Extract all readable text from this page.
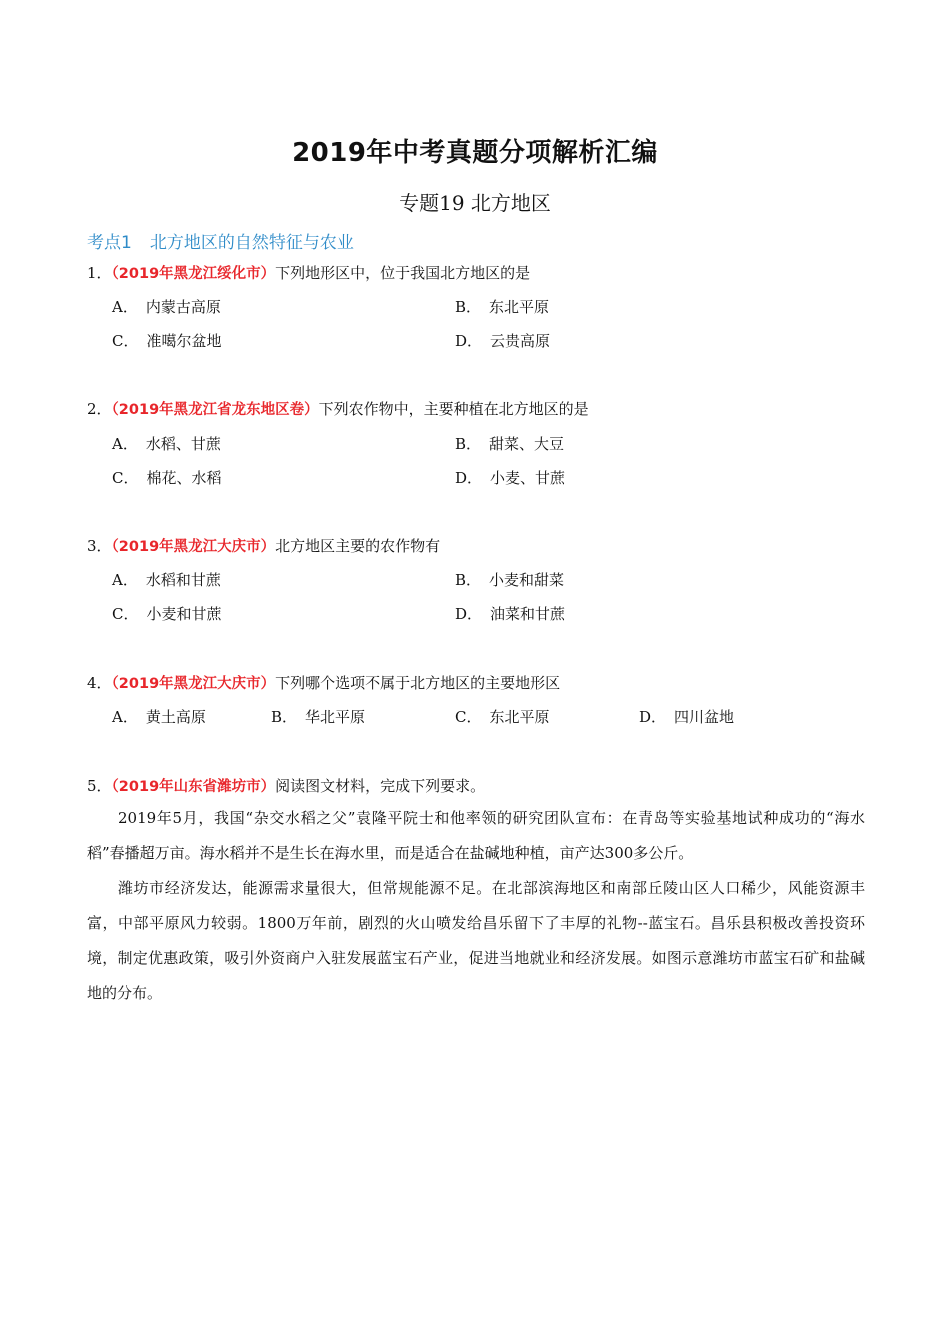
2019年中考真题分项解析汇编
专题19 北方地区
考点1 北方地区的自然特征与农业
1．（2019年黑龙江绥化市）下列地形区中，位于我国北方地区的是
A． 内蒙古高原	B． 东北平原
C． 准噶尔盆地	D． 云贵高原
2．（2019年黑龙江省龙东地区卷）下列农作物中，主要种植在北方地区的是
A． 水稻、甘蔗	B． 甜菜、大豆
C． 棉花、水稻	D． 小麦、甘蔗
3．（2019年黑龙江大庆市）北方地区主要的农作物有
A． 水稻和甘蔗	B． 小麦和甜菜
C． 小麦和甘蔗	D． 油菜和甘蔗
4．（2019年黑龙江大庆市）下列哪个选项不属于北方地区的主要地形区
A． 黄土高原	B． 华北平原	C． 东北平原	D． 四川盆地
5．（2019年山东省潍坊市）阅读图文材料，完成下列要求。
2019年5月，我国“杂交水稻之父”袁隆平院士和他率领的研究团队宣布：在青岛等实验基地试种成功的“海水稻”春播超万亩。海水稻并不是生长在海水里，而是适合在盐碱地种植，亩产达300多公斤。
潍坊市经济发达，能源需求量很大，但常规能源不足。在北部滨海地区和南部丘陵山区人口稀少，风能资源丰富，中部平原风力较弱。1800万年前，剧烈的火山喷发给昌乐留下了丰厚的礼物--蓝宝石。昌乐县积极改善投资环境，制定优惠政策，吸引外资商户入驻发展蓝宝石产业，促进当地就业和经济发展。如图示意潍坊市蓝宝石矿和盐碱地的分布。
